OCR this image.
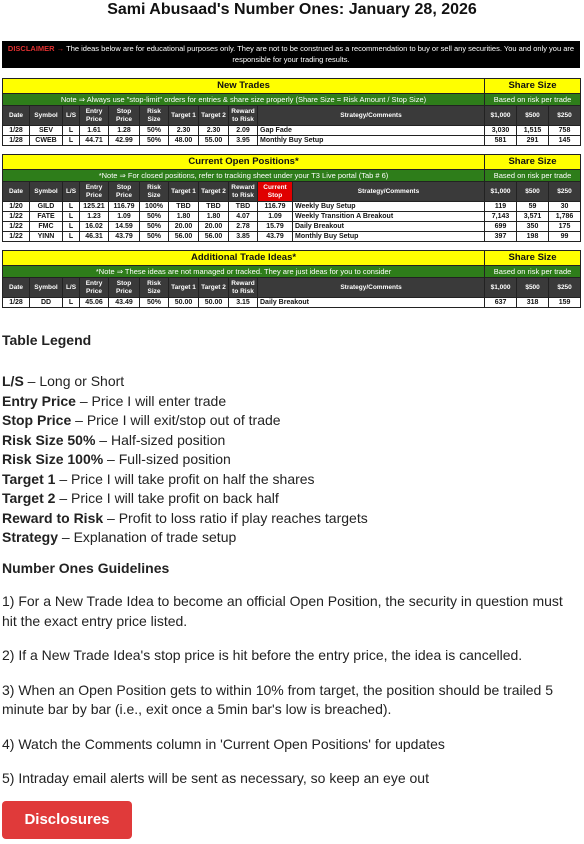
Sami Abusaad's Number Ones: January 28, 2026
DISCLAIMER → The ideas below are for educational purposes only. They are not to be construed as a recommendation to buy or sell any securities. You and only you are responsible for your trading results.
New Trades										Share Size		
Note ⇒ Always use "stop-limit" orders for entries & share size properly (Share Size = Risk Amount / Stop Size)										Based on risk per trade		
Date	Symbol	L/S	Entry Price	Stop Price	Risk Size	Target 1	Target 2	Reward to Risk	Strategy/Comments	$1,000	$500	$250
1/28	SEV	L	1.61	1.28	50%	2.30	2.30	2.09	Gap Fade	3,030	1,515	758
1/28	CWEB	L	44.71	42.99	50%	48.00	55.00	3.95	Monthly Buy Setup	581	291	145
Current Open Positions*											Share Size		
*Note ⇒ For closed positions, refer to tracking sheet under your T3 Live portal (Tab # 6)											Based on risk per trade		
Date	Symbol	L/S	Entry Price	Stop Price	Risk Size	Target 1	Target 2	Reward to Risk	Current Stop	Strategy/Comments	$1,000	$500	$250
1/20	GILD	L	125.21	116.79	100%	TBD	TBD	TBD	116.79	Weekly Buy Setup	119	59	30
1/22	FATE	L	1.23	1.09	50%	1.80	1.80	4.07	1.09	Weekly Transition A Breakout	7,143	3,571	1,786
1/22	FMC	L	16.02	14.59	50%	20.00	20.00	2.78	15.79	Daily Breakout	699	350	175
1/22	YINN	L	46.31	43.79	50%	56.00	56.00	3.85	43.79	Monthly Buy Setup	397	198	99
Additional Trade Ideas*										Share Size		
*Note ⇒ These ideas are not managed or tracked. They are just ideas for you to consider										Based on risk per trade		
Date	Symbol	L/S	Entry Price	Stop Price	Risk Size	Target 1	Target 2	Reward to Risk	Strategy/Comments	$1,000	$500	$250
1/28	DD	L	45.06	43.49	50%	50.00	50.00	3.15	Daily Breakout	637	318	159
Table Legend
L/S – Long or Short
Entry Price – Price I will enter trade
Stop Price – Price I will exit/stop out of trade
Risk Size 50% – Half-sized position
Risk Size 100% – Full-sized position
Target 1 – Price I will take profit on half the shares
Target 2 – Price I will take profit on back half
Reward to Risk – Profit to loss ratio if play reaches targets
Strategy – Explanation of trade setup
Number Ones Guidelines

1) For a New Trade Idea to become an official Open Position, the security in question must hit the exact entry price listed.

2) If a New Trade Idea's stop price is hit before the entry price, the idea is cancelled.

3) When an Open Position gets to within 10% from target, the position should be trailed 5 minute bar by bar (i.e., exit once a 5min bar's low is breached).

4) Watch the Comments column in 'Current Open Positions' for updates

5) Intraday email alerts will be sent as necessary, so keep an eye out

Disclosures
